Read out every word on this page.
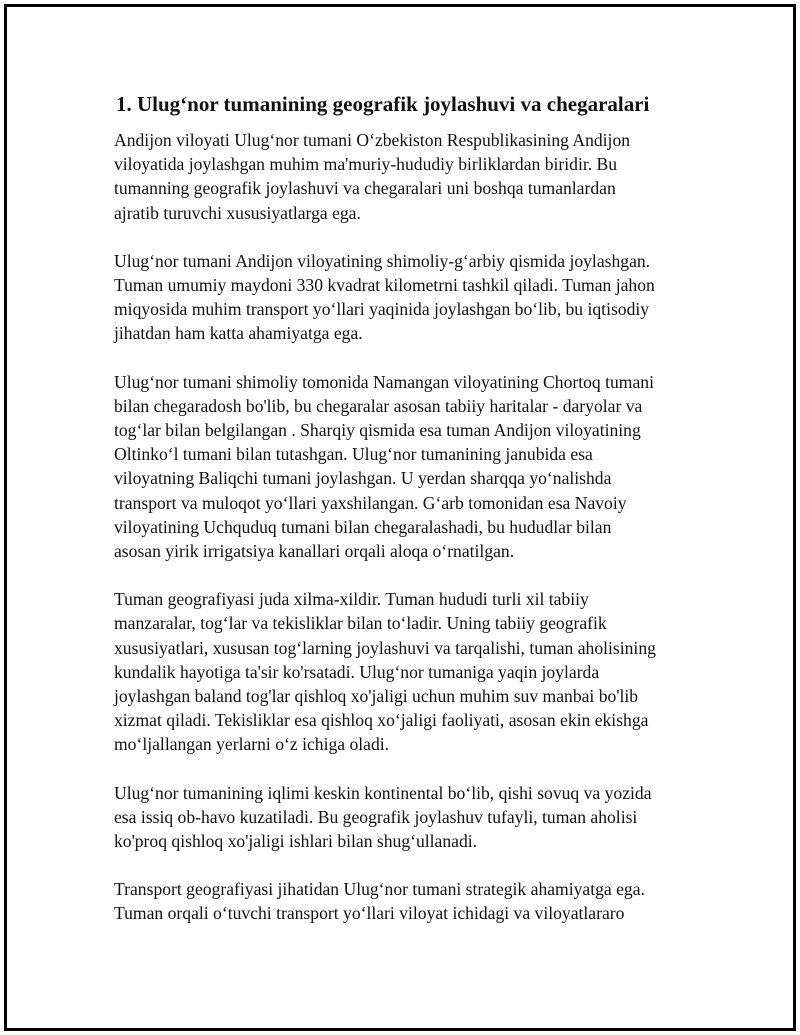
1. Ulug‘nor tumanining geografik joylashuvi va chegaralari
Andijon viloyati Ulug‘nor tumani O‘zbekiston Respublikasining Andijon
viloyatida joylashgan muhim ma'muriy-hududiy birliklardan biridir. Bu
tumanning geografik joylashuvi va chegaralari uni boshqa tumanlardan
ajratib turuvchi xususiyatlarga ega.
Ulug‘nor tumani Andijon viloyatining shimoliy-g‘arbiy qismida joylashgan.
Tuman umumiy maydoni 330 kvadrat kilometrni tashkil qiladi. Tuman jahon
miqyosida muhim transport yo‘llari yaqinida joylashgan bo‘lib, bu iqtisodiy
jihatdan ham katta ahamiyatga ega.
Ulug‘nor tumani shimoliy tomonida Namangan viloyatining Chortoq tumani
bilan chegaradosh bo'lib, bu chegaralar asosan tabiiy haritalar - daryolar va
tog‘lar bilan belgilangan . Sharqiy qismida esa tuman Andijon viloyatining
Oltinko‘l tumani bilan tutashgan. Ulug‘nor tumanining janubida esa
viloyatning Baliqchi tumani joylashgan. U yerdan sharqqa yo‘nalishda
transport va muloqot yo‘llari yaxshilangan. G‘arb tomonidan esa Navoiy
viloyatining Uchquduq tumani bilan chegaralashadi, bu hududlar bilan
asosan yirik irrigatsiya kanallari orqali aloqa o‘rnatilgan.
Tuman geografiyasi juda xilma-xildir. Tuman hududi turli xil tabiiy
manzaralar, tog‘lar va tekisliklar bilan to‘ladir. Uning tabiiy geografik
xususiyatlari, xususan tog‘larning joylashuvi va tarqalishi, tuman aholisining
kundalik hayotiga ta'sir ko'rsatadi. Ulug‘nor tumaniga yaqin joylarda
joylashgan baland tog'lar qishloq xo'jaligi uchun muhim suv manbai bo'lib
xizmat qiladi. Tekisliklar esa qishloq xo‘jaligi faoliyati, asosan ekin ekishga
mo‘ljallangan yerlarni o‘z ichiga oladi.
Ulug‘nor tumanining iqlimi keskin kontinental bo‘lib, qishi sovuq va yozida
esa issiq ob-havo kuzatiladi. Bu geografik joylashuv tufayli, tuman aholisi
ko'proq qishloq xo'jaligi ishlari bilan shug‘ullanadi.
Transport geografiyasi jihatidan Ulug‘nor tumani strategik ahamiyatga ega.
Tuman orqali o‘tuvchi transport yo‘llari viloyat ichidagi va viloyatlararo
